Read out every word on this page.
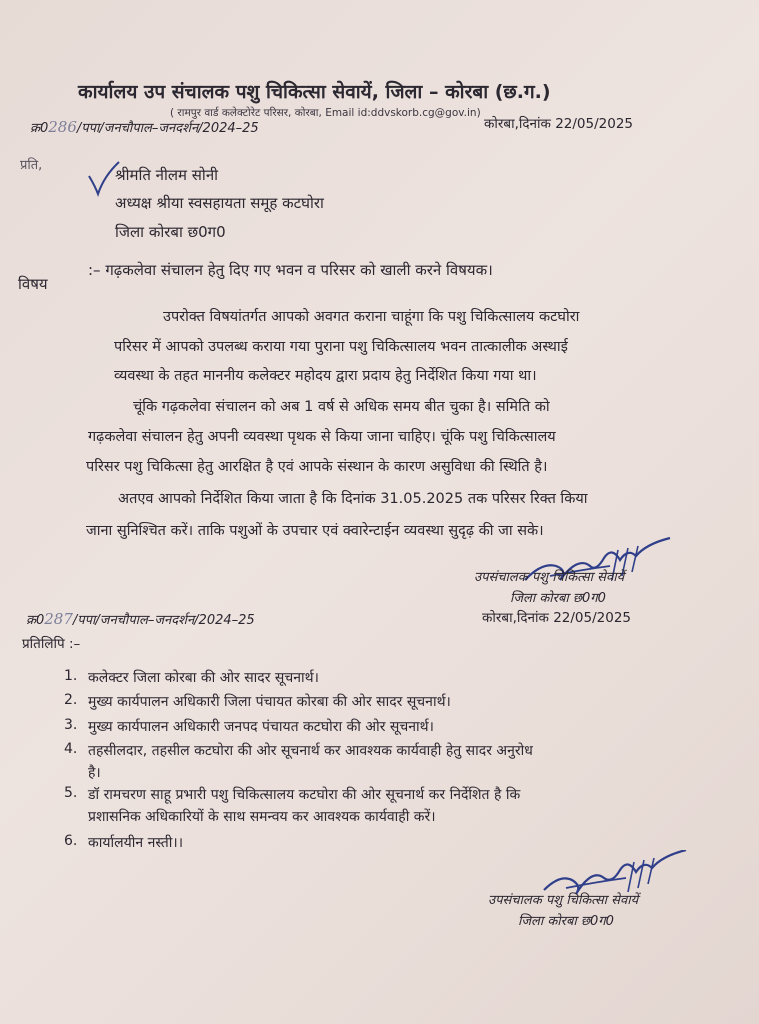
कार्यालय उप संचालक पशु चिकित्सा सेवायें, जिला – कोरबा (छ.ग.)
( रामपुर वार्ड कलेक्टोरेट परिसर, कोरबा, Email id:ddvskorb.cg@gov.in)
क्र0286/पपा/जनचौपाल–जनदर्शन/2024–25	कोरबा,दिनांक 22/05/2025
प्रति,
श्रीमति नीलम सोनी
अध्यक्ष श्रीया स्वसहायता समूह कटघोरा
जिला कोरबा छ0ग0
विषय
:– गढ़कलेवा संचालन हेतु दिए गए भवन व परिसर को खाली करने विषयक।
उपरोक्त विषयांतर्गत आपको अवगत कराना चाहूंगा कि पशु चिकित्सालय कटघोरा
परिसर में आपको उपलब्ध कराया गया पुराना पशु चिकित्सालय भवन तात्कालीक अस्थाई
व्यवस्था के तहत माननीय कलेक्टर महोदय द्वारा प्रदाय हेतु निर्देशित किया गया था।
चूंकि गढ़कलेवा संचालन को अब 1 वर्ष से अधिक समय बीत चुका है। समिति को
गढ़कलेवा संचालन हेतु अपनी व्यवस्था पृथक से किया जाना चाहिए। चूंकि पशु चिकित्सालय
परिसर पशु चिकित्सा हेतु आरक्षित है एवं आपके संस्थान के कारण असुविधा की स्थिति है।
अतएव आपको निर्देशित किया जाता है कि दिनांक 31.05.2025 तक परिसर रिक्त किया
जाना सुनिश्चित करें। ताकि पशुओं के उपचार एवं क्वारेन्टाईन व्यवस्था सुदृढ़ की जा सके।
उपसंचालक पशु चिकित्सा सेवायें
जिला कोरबा छ0ग0
क्र0287/पपा/जनचौपाल–जनदर्शन/2024–25	कोरबा,दिनांक 22/05/2025
प्रतिलिपि :–
1. कलेक्टर जिला कोरबा की ओर सादर सूचनार्थ।
2. मुख्य कार्यपालन अधिकारी जिला पंचायत कोरबा की ओर सादर सूचनार्थ।
3. मुख्य कार्यपालन अधिकारी जनपद पंचायत कटघोरा की ओर सूचनार्थ।
4. तहसीलदार, तहसील कटघोरा की ओर सूचनार्थ कर आवश्यक कार्यवाही हेतु सादर अनुरोध
है।
5. डॉ रामचरण साहू प्रभारी पशु चिकित्सालय कटघोरा की ओर सूचनार्थ कर निर्देशित है कि
प्रशासनिक अधिकारियों के साथ समन्वय कर आवश्यक कार्यवाही करें।
6. कार्यालयीन नस्ती।।
उपसंचालक पशु चिकित्सा सेवायें
जिला कोरबा छ0ग0
